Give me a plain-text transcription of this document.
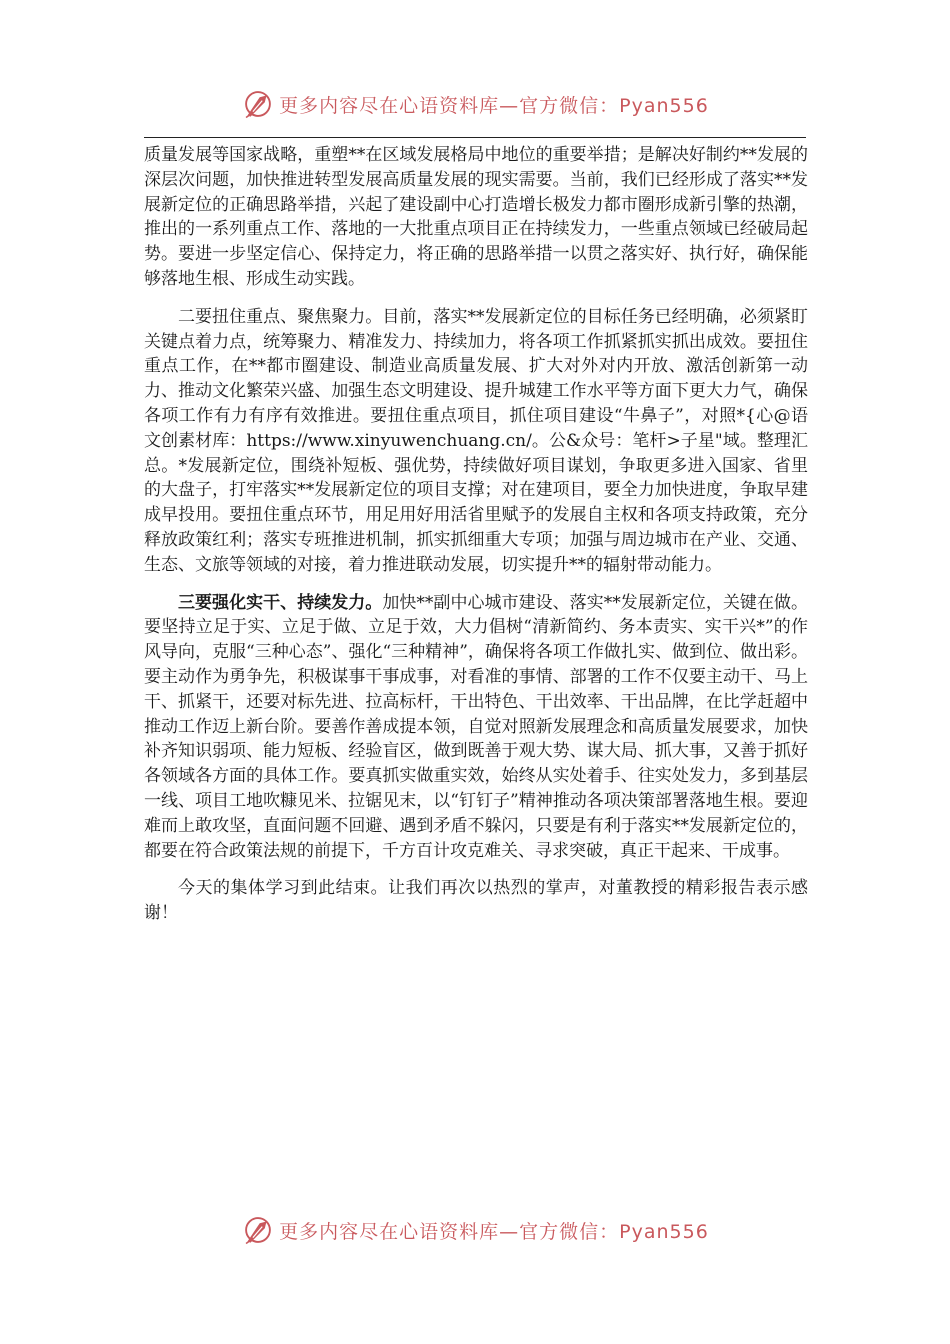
更多内容尽在心语资料库—官方微信：Pyan556

质量发展等国家战略，重塑**在区域发展格局中地位的重要举措；是解决好制约**发展的深层次问题，加快推进转型发展高质量发展的现实需要。当前，我们已经形成了落实**发展新定位的正确思路举措，兴起了建设副中心打造增长极发力都市圈形成新引擎的热潮，推出的一系列重点工作、落地的一大批重点项目正在持续发力，一些重点领域已经破局起势。要进一步坚定信心、保持定力，将正确的思路举措一以贯之落实好、执行好，确保能够落地生根、形成生动实践。

二要扭住重点、聚焦聚力。目前，落实**发展新定位的目标任务已经明确，必须紧盯关键点着力点，统筹聚力、精准发力、持续加力，将各项工作抓紧抓实抓出成效。要扭住重点工作，在**都市圈建设、制造业高质量发展、扩大对外对内开放、激活创新第一动力、推动文化繁荣兴盛、加强生态文明建设、提升城建工作水平等方面下更大力气，确保各项工作有力有序有效推进。要扭住重点项目，抓住项目建设“牛鼻子”，对照*{心@语文创素材库：https://www.xinyuwenchuang.cn/。公&众号：笔杆>子星"域。整理汇总。*发展新定位，围绕补短板、强优势，持续做好项目谋划，争取更多进入国家、省里的大盘子，打牢落实**发展新定位的项目支撑；对在建项目，要全力加快进度，争取早建成早投用。要扭住重点环节，用足用好用活省里赋予的发展自主权和各项支持政策，充分释放政策红利；落实专班推进机制，抓实抓细重大专项；加强与周边城市在产业、交通、生态、文旅等领域的对接，着力推进联动发展，切实提升**的辐射带动能力。

三要强化实干、持续发力。加快**副中心城市建设、落实**发展新定位，关键在做。要坚持立足于实、立足于做、立足于效，大力倡树“清新简约、务本责实、实干兴*”的作风导向，克服“三种心态”、强化“三种精神”，确保将各项工作做扎实、做到位、做出彩。要主动作为勇争先，积极谋事干事成事，对看准的事情、部署的工作不仅要主动干、马上干、抓紧干，还要对标先进、拉高标杆，干出特色、干出效率、干出品牌，在比学赶超中推动工作迈上新台阶。要善作善成提本领，自觉对照新发展理念和高质量发展要求，加快补齐知识弱项、能力短板、经验盲区，做到既善于观大势、谋大局、抓大事，又善于抓好各领域各方面的具体工作。要真抓实做重实效，始终从实处着手、往实处发力，多到基层一线、项目工地吹糠见米、拉锯见末，以“钉钉子”精神推动各项决策部署落地生根。要迎难而上敢攻坚，直面问题不回避、遇到矛盾不躲闪，只要是有利于落实**发展新定位的，都要在符合政策法规的前提下，千方百计攻克难关、寻求突破，真正干起来、干成事。

今天的集体学习到此结束。让我们再次以热烈的掌声，对董教授的精彩报告表示感谢！

更多内容尽在心语资料库—官方微信：Pyan556
